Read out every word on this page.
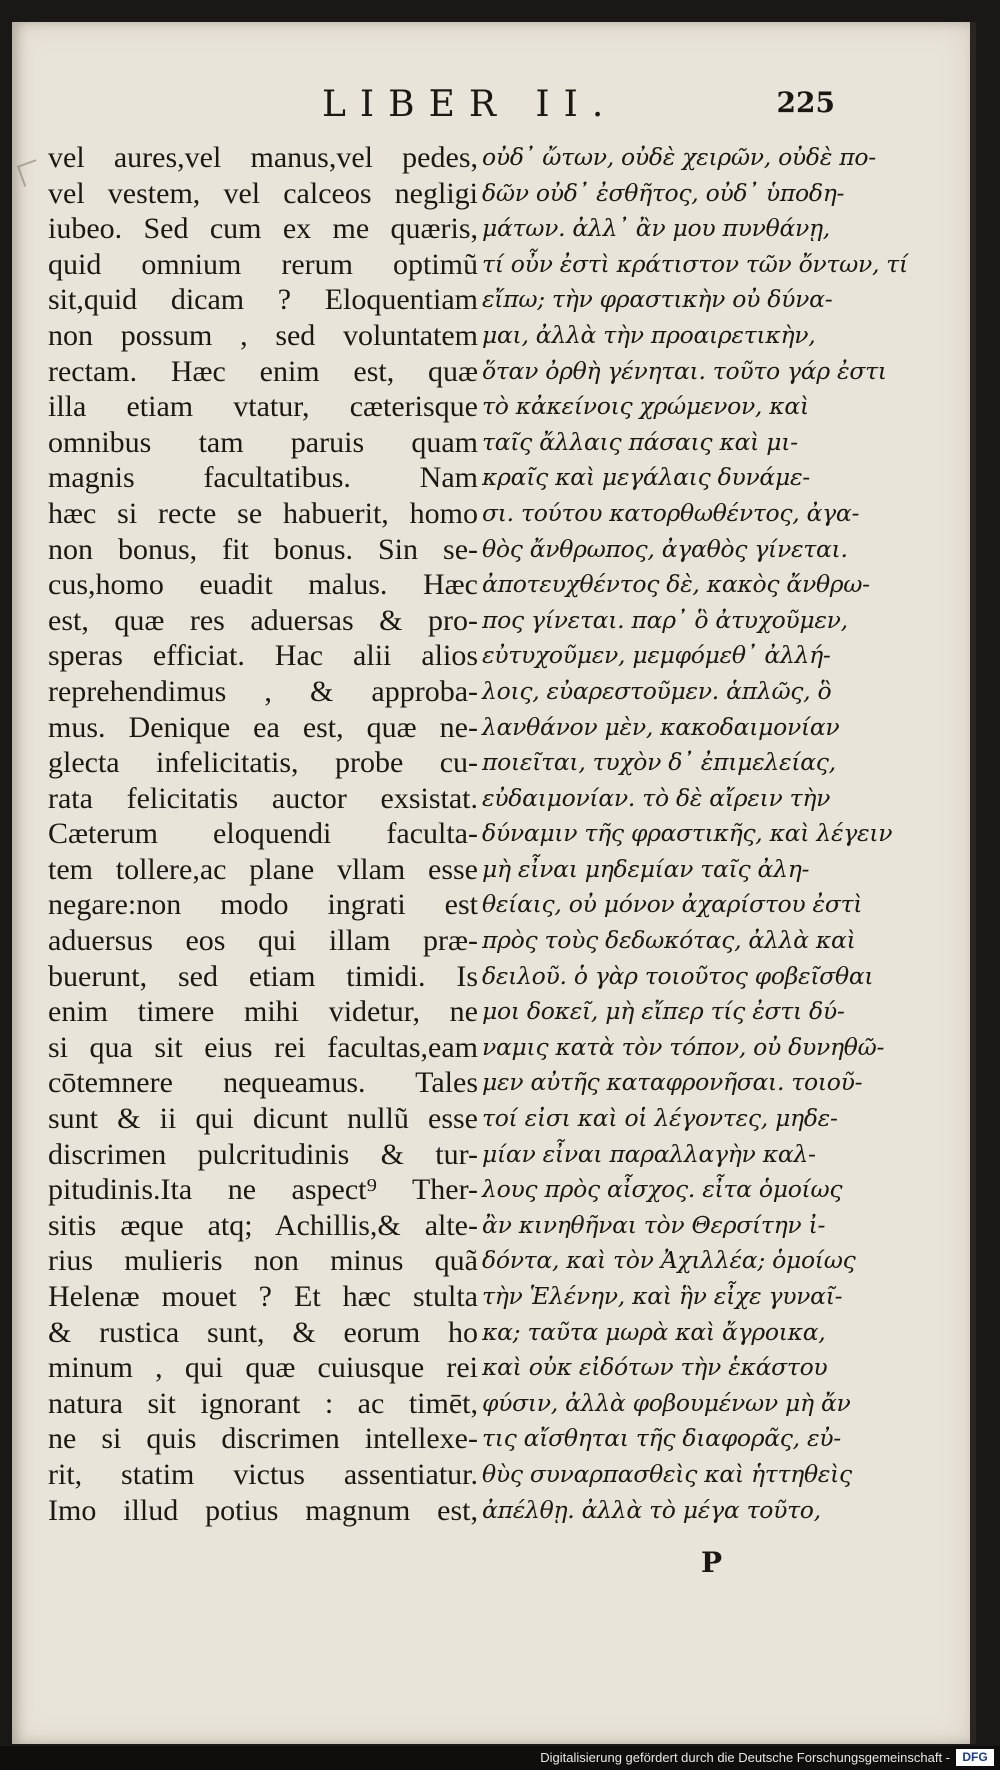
LIBER II.	225
vel aures,vel manus,vel pedes,
vel vestem, vel calceos negligi
iubeo. Sed cum ex me quæris,
quid omnium rerum optimũ
sit,quid dicam ? Eloquentiam
non possum , sed voluntatem
rectam. Hæc enim est, quæ
illa etiam vtatur, cæterisque
omnibus tam paruis quam
magnis facultatibus. Nam
hæc si recte se habuerit, homo
non bonus, fit bonus. Sin se-
cus,homo euadit malus. Hæc
est, quæ res aduersas & pro-
speras efficiat. Hac alii alios
reprehendimus , & approba-
mus. Denique ea est, quæ ne-
glecta infelicitatis, probe cu-
rata felicitatis auctor exsistat.
Cæterum eloquendi faculta-
tem tollere,ac plane vllam esse
negare:non modo ingrati est
aduersus eos qui illam præ-
buerunt, sed etiam timidi. Is
enim timere mihi videtur, ne
si qua sit eius rei facultas,eam
cōtemnere nequeamus. Tales
sunt & ii qui dicunt nullũ esse
discrimen pulcritudinis & tur-
pitudinis.Ita ne aspect⁹ Ther-
sitis æque atq; Achillis,& alte-
rius mulieris non minus quã
Helenæ mouet ? Et hæc stulta
& rustica sunt, & eorum ho
minum , qui quæ cuiusque rei
natura sit ignorant : ac timēt,
ne si quis discrimen intellexe-
rit, statim victus assentiatur.
Imo illud potius magnum est,
οὐδ᾽ ὤτων, οὐδὲ χειρῶν, οὐδὲ πο-
δῶν οὐδ᾽ ἐσθῆτος, οὐδ᾽ ὑποδη-
μάτων. ἀλλ᾽ ἂν μου πυνθάνῃ,
τί οὖν ἐστὶ κράτιστον τῶν ὄντων, τί
εἴπω; τὴν φραστικὴν οὐ δύνα-
μαι, ἀλλὰ τὴν προαιρετικὴν,
ὅταν ὀρθὴ γένηται. τοῦτο γάρ ἐστι
τὸ κἀκείνοις χρώμενον, καὶ
ταῖς ἄλλαις πάσαις καὶ μι-
κραῖς καὶ μεγάλαις δυνάμε-
σι. τούτου κατορθωθέντος, ἀγα-
θὸς ἄνθρωπος, ἀγαθὸς γίνεται.
ἀποτευχθέντος δὲ, κακὸς ἄνθρω-
πος γίνεται. παρ᾽ ὃ ἀτυχοῦμεν,
εὐτυχοῦμεν, μεμφόμεθ᾽ ἀλλή-
λοις, εὐαρεστοῦμεν. ἁπλῶς, ὃ
λανθάνον μὲν, κακοδαιμονίαν
ποιεῖται, τυχὸν δ᾽ ἐπιμελείας,
εὐδαιμονίαν. τὸ δὲ αἴρειν τὴν
δύναμιν τῆς φραστικῆς, καὶ λέγειν
μὴ εἶναι μηδεμίαν ταῖς ἀλη-
θείαις, οὐ μόνον ἀχαρίστου ἐστὶ
πρὸς τοὺς δεδωκότας, ἀλλὰ καὶ
δειλοῦ. ὁ γὰρ τοιοῦτος φοβεῖσθαι
μοι δοκεῖ, μὴ εἴπερ τίς ἐστι δύ-
ναμις κατὰ τὸν τόπον, οὐ δυνηθῶ-
μεν αὐτῆς καταφρονῆσαι. τοιοῦ-
τοί εἰσι καὶ οἱ λέγοντες, μηδε-
μίαν εἶναι παραλλαγὴν καλ-
λους πρὸς αἶσχος. εἶτα ὁμοίως
ἂν κινηθῆναι τὸν Θερσίτην ἰ-
δόντα, καὶ τὸν Ἀχιλλέα; ὁμοίως
τὴν Ἑλένην, καὶ ἣν εἶχε γυναῖ-
κα; ταῦτα μωρὰ καὶ ἄγροικα,
καὶ οὐκ εἰδότων τὴν ἑκάστου
φύσιν, ἀλλὰ φοβουμένων μὴ ἄν
τις αἴσθηται τῆς διαφορᾶς, εὐ-
θὺς συναρπασθεὶς καὶ ἡττηθεὶς
ἀπέλθῃ. ἀλλὰ τὸ μέγα τοῦτο,
P
Digitalisierung gefördert durch die Deutsche Forschungsgemeinschaft -	DFG
